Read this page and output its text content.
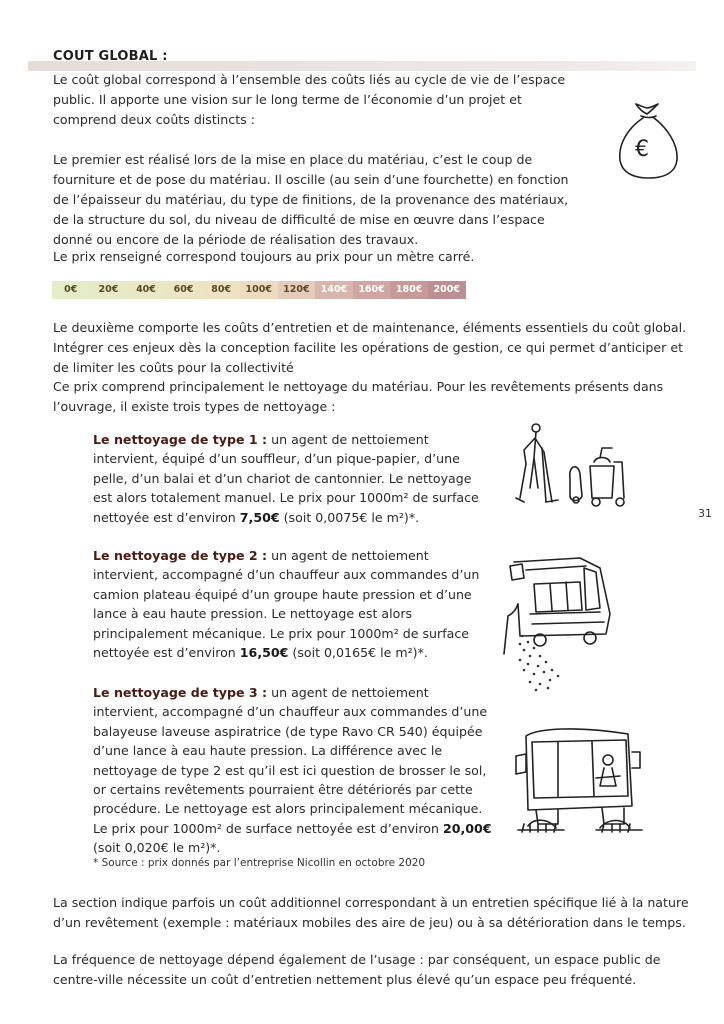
COUT GLOBAL :
Le coût global correspond à l’ensemble des coûts liés au cycle de vie de l’espace public. Il apporte une vision sur le long terme de l’économie d’un projet et comprend deux coûts distincts :
€
Le premier est réalisé lors de la mise en place du matériau, c’est le coup de fourniture et de pose du matériau. Il oscille (au sein d’une fourchette) en fonction de l’épaisseur du matériau, du type de finitions, de la provenance des matériaux, de la structure du sol, du niveau de difficulté de mise en œuvre dans l’espace donné ou encore de la période de réalisation des travaux.
Le prix renseigné correspond toujours au prix pour un mètre carré.
0€	20€	40€	60€	80€	100€	120€	140€	160€	180€	200€
Le deuxième comporte les coûts d’entretien et de maintenance, éléments essentiels du coût global. Intégrer ces enjeux dès la conception facilite les opérations de gestion, ce qui permet d’anticiper et de limiter les coûts pour la collectivité
Ce prix comprend principalement le nettoyage du matériau. Pour les revêtements présents dans l’ouvrage, il existe trois types de nettoyage :
Le nettoyage de type 1 : un agent de nettoiement intervient, équipé d’un souffleur, d’un pique-papier, d’une pelle, d’un balai et d’un chariot de cantonnier. Le nettoyage est alors totalement manuel. Le prix pour 1000m² de surface nettoyée est d’environ 7,50€ (soit 0,0075€ le m²)*.
Le nettoyage de type 2 : un agent de nettoiement intervient, accompagné d’un chauffeur aux commandes d’un camion plateau équipé d’un groupe haute pression et d’une lance à eau haute pression. Le nettoyage est alors principalement mécanique. Le prix pour 1000m² de surface nettoyée est d’environ 16,50€ (soit 0,0165€ le m²)*.
Le nettoyage de type 3 : un agent de nettoiement intervient, accompagné d’un chauffeur aux commandes d’une balayeuse laveuse aspiratrice (de type Ravo CR 540) équipée d’une lance à eau haute pression. La différence avec le nettoyage de type 2 est qu’il est ici question de brosser le sol, or certains revêtements pourraient être détériorés par cette procédure. Le nettoyage est alors principalement mécanique. Le prix pour 1000m² de surface nettoyée est d’environ 20,00€ (soit 0,020€ le m²)*.
* Source : prix donnés par l’entreprise Nicollin en octobre 2020
31
La section indique parfois un coût additionnel correspondant à un entretien spécifique lié à la nature d’un revêtement (exemple : matériaux mobiles des aire de jeu) ou à sa détérioration dans le temps.
La fréquence de nettoyage dépend également de l’usage : par conséquent, un espace public de centre-ville nécessite un coût d’entretien nettement plus élevé qu’un espace peu fréquenté.
